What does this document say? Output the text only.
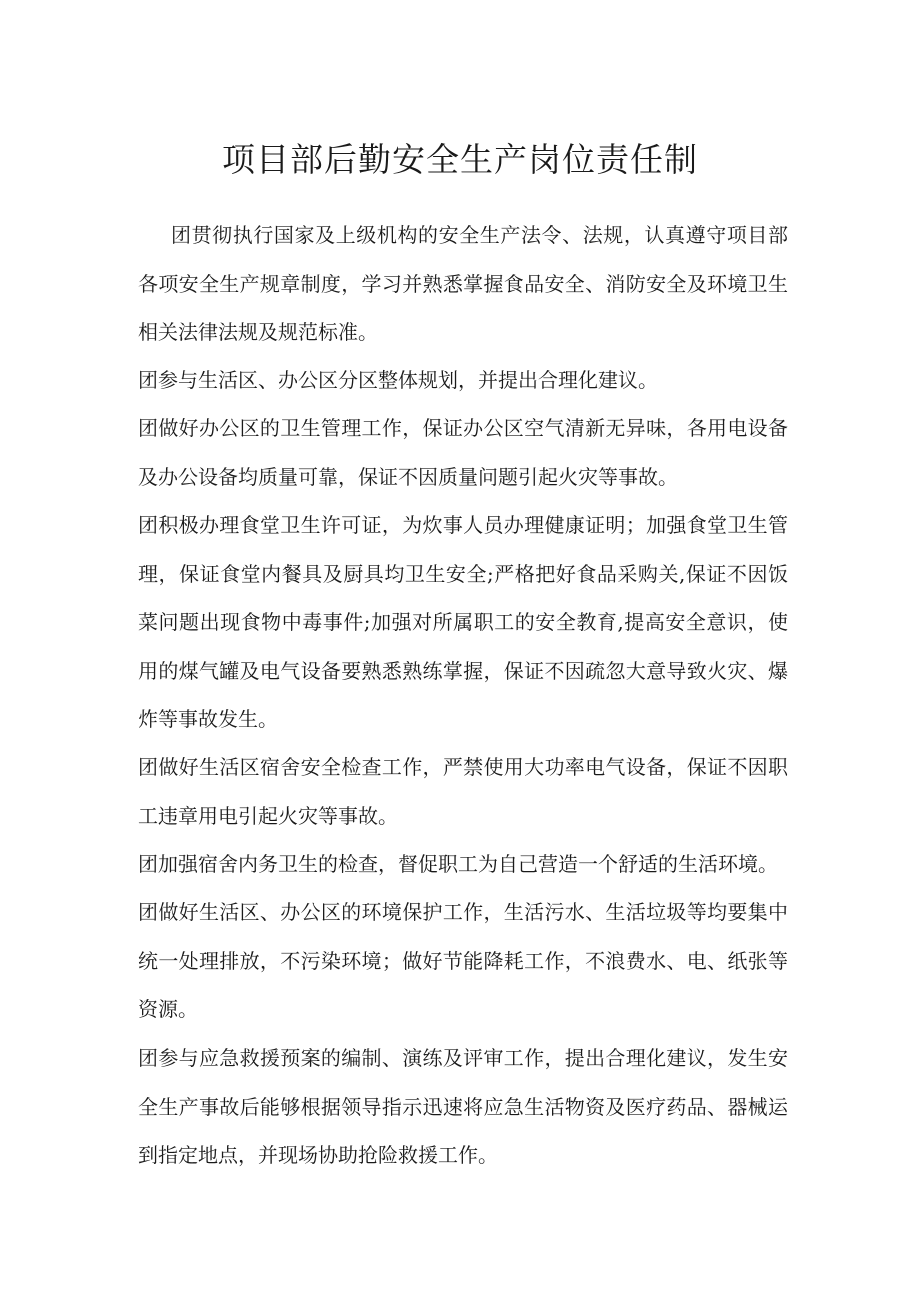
项目部后勤安全生产岗位责任制

团贯彻执行国家及上级机构的安全生产法令、法规，认真遵守项目部各项安全生产规章制度，学习并熟悉掌握食品安全、消防安全及环境卫生相关法律法规及规范标准。

团参与生活区、办公区分区整体规划，并提出合理化建议。

团做好办公区的卫生管理工作，保证办公区空气清新无异味，各用电设备及办公设备均质量可靠，保证不因质量问题引起火灾等事故。

团积极办理食堂卫生许可证，为炊事人员办理健康证明；加强食堂卫生管理，保证食堂内餐具及厨具均卫生安全;严格把好食品采购关,保证不因饭菜问题出现食物中毒事件;加强对所属职工的安全教育,提高安全意识，使用的煤气罐及电气设备要熟悉熟练掌握，保证不因疏忽大意导致火灾、爆炸等事故发生。

团做好生活区宿舍安全检查工作，严禁使用大功率电气设备，保证不因职工违章用电引起火灾等事故。

团加强宿舍内务卫生的检查，督促职工为自己营造一个舒适的生活环境。

团做好生活区、办公区的环境保护工作，生活污水、生活垃圾等均要集中统一处理排放，不污染环境；做好节能降耗工作，不浪费水、电、纸张等资源。

团参与应急救援预案的编制、演练及评审工作，提出合理化建议，发生安全生产事故后能够根据领导指示迅速将应急生活物资及医疗药品、器械运到指定地点，并现场协助抢险救援工作。
